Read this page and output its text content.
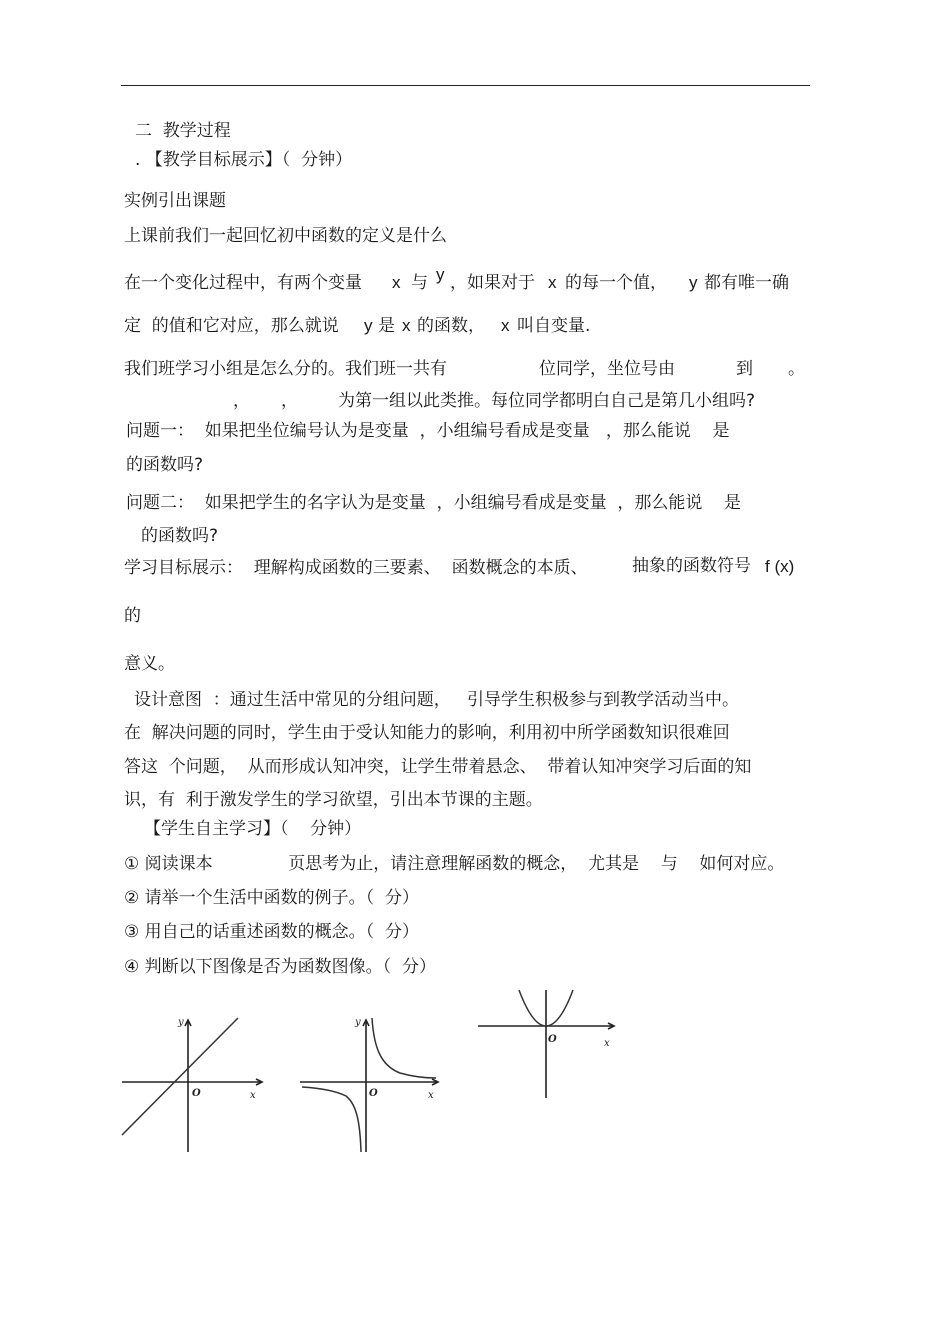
二  教学过程
. 【教学目标展示】（  分钟）
实例引出课题
上课前我们一起回忆初中函数的定义是什么
在一个变化过程中，有两个变量 x 与 y ，如果对于 x 的每一个值， y 都有唯一确
定  的值和它对应，那么就说 y 是 x 的函数， x 叫自变量.
我们班学习小组是怎么分的。我们班一共有	位同学，坐位号由	到 。
， ， 为第一组以此类推。每位同学都明白自己是第几小组吗?
问题一：  如果把坐位编号认为是变量  ，小组编号看成是变量   ，那么能说    是
的函数吗?
问题二：  如果把学生的名字认为是变量  ，小组编号看成是变量  ，那么能说    是
的函数吗?
学习目标展示：  理解构成函数的三要素、  函数概念的本质、	抽象的函数符号 f (x)
的
意义。
设计意图  ：通过生活中常见的分组问题，   引导学生积极参与到教学活动当中。
在  解决问题的同时，学生由于受认知能力的影响，利用初中所学函数知识很难回
答这  个问题，  从而形成认知冲突，让学生带着悬念、  带着认知冲突学习后面的知
识，有  利于激发学生的学习欲望，引出本节课的主题。
【学生自主学习】（    分钟）
① 阅读课本              页思考为止，请注意理解函数的概念，  尤其是    与    如何对应。
② 请举一个生活中函数的例子。（  分）
③ 用自己的话重述函数的概念。（  分）
④ 判断以下图像是否为函数图像。（  分）
y
x
O
y
x
O
x
O
